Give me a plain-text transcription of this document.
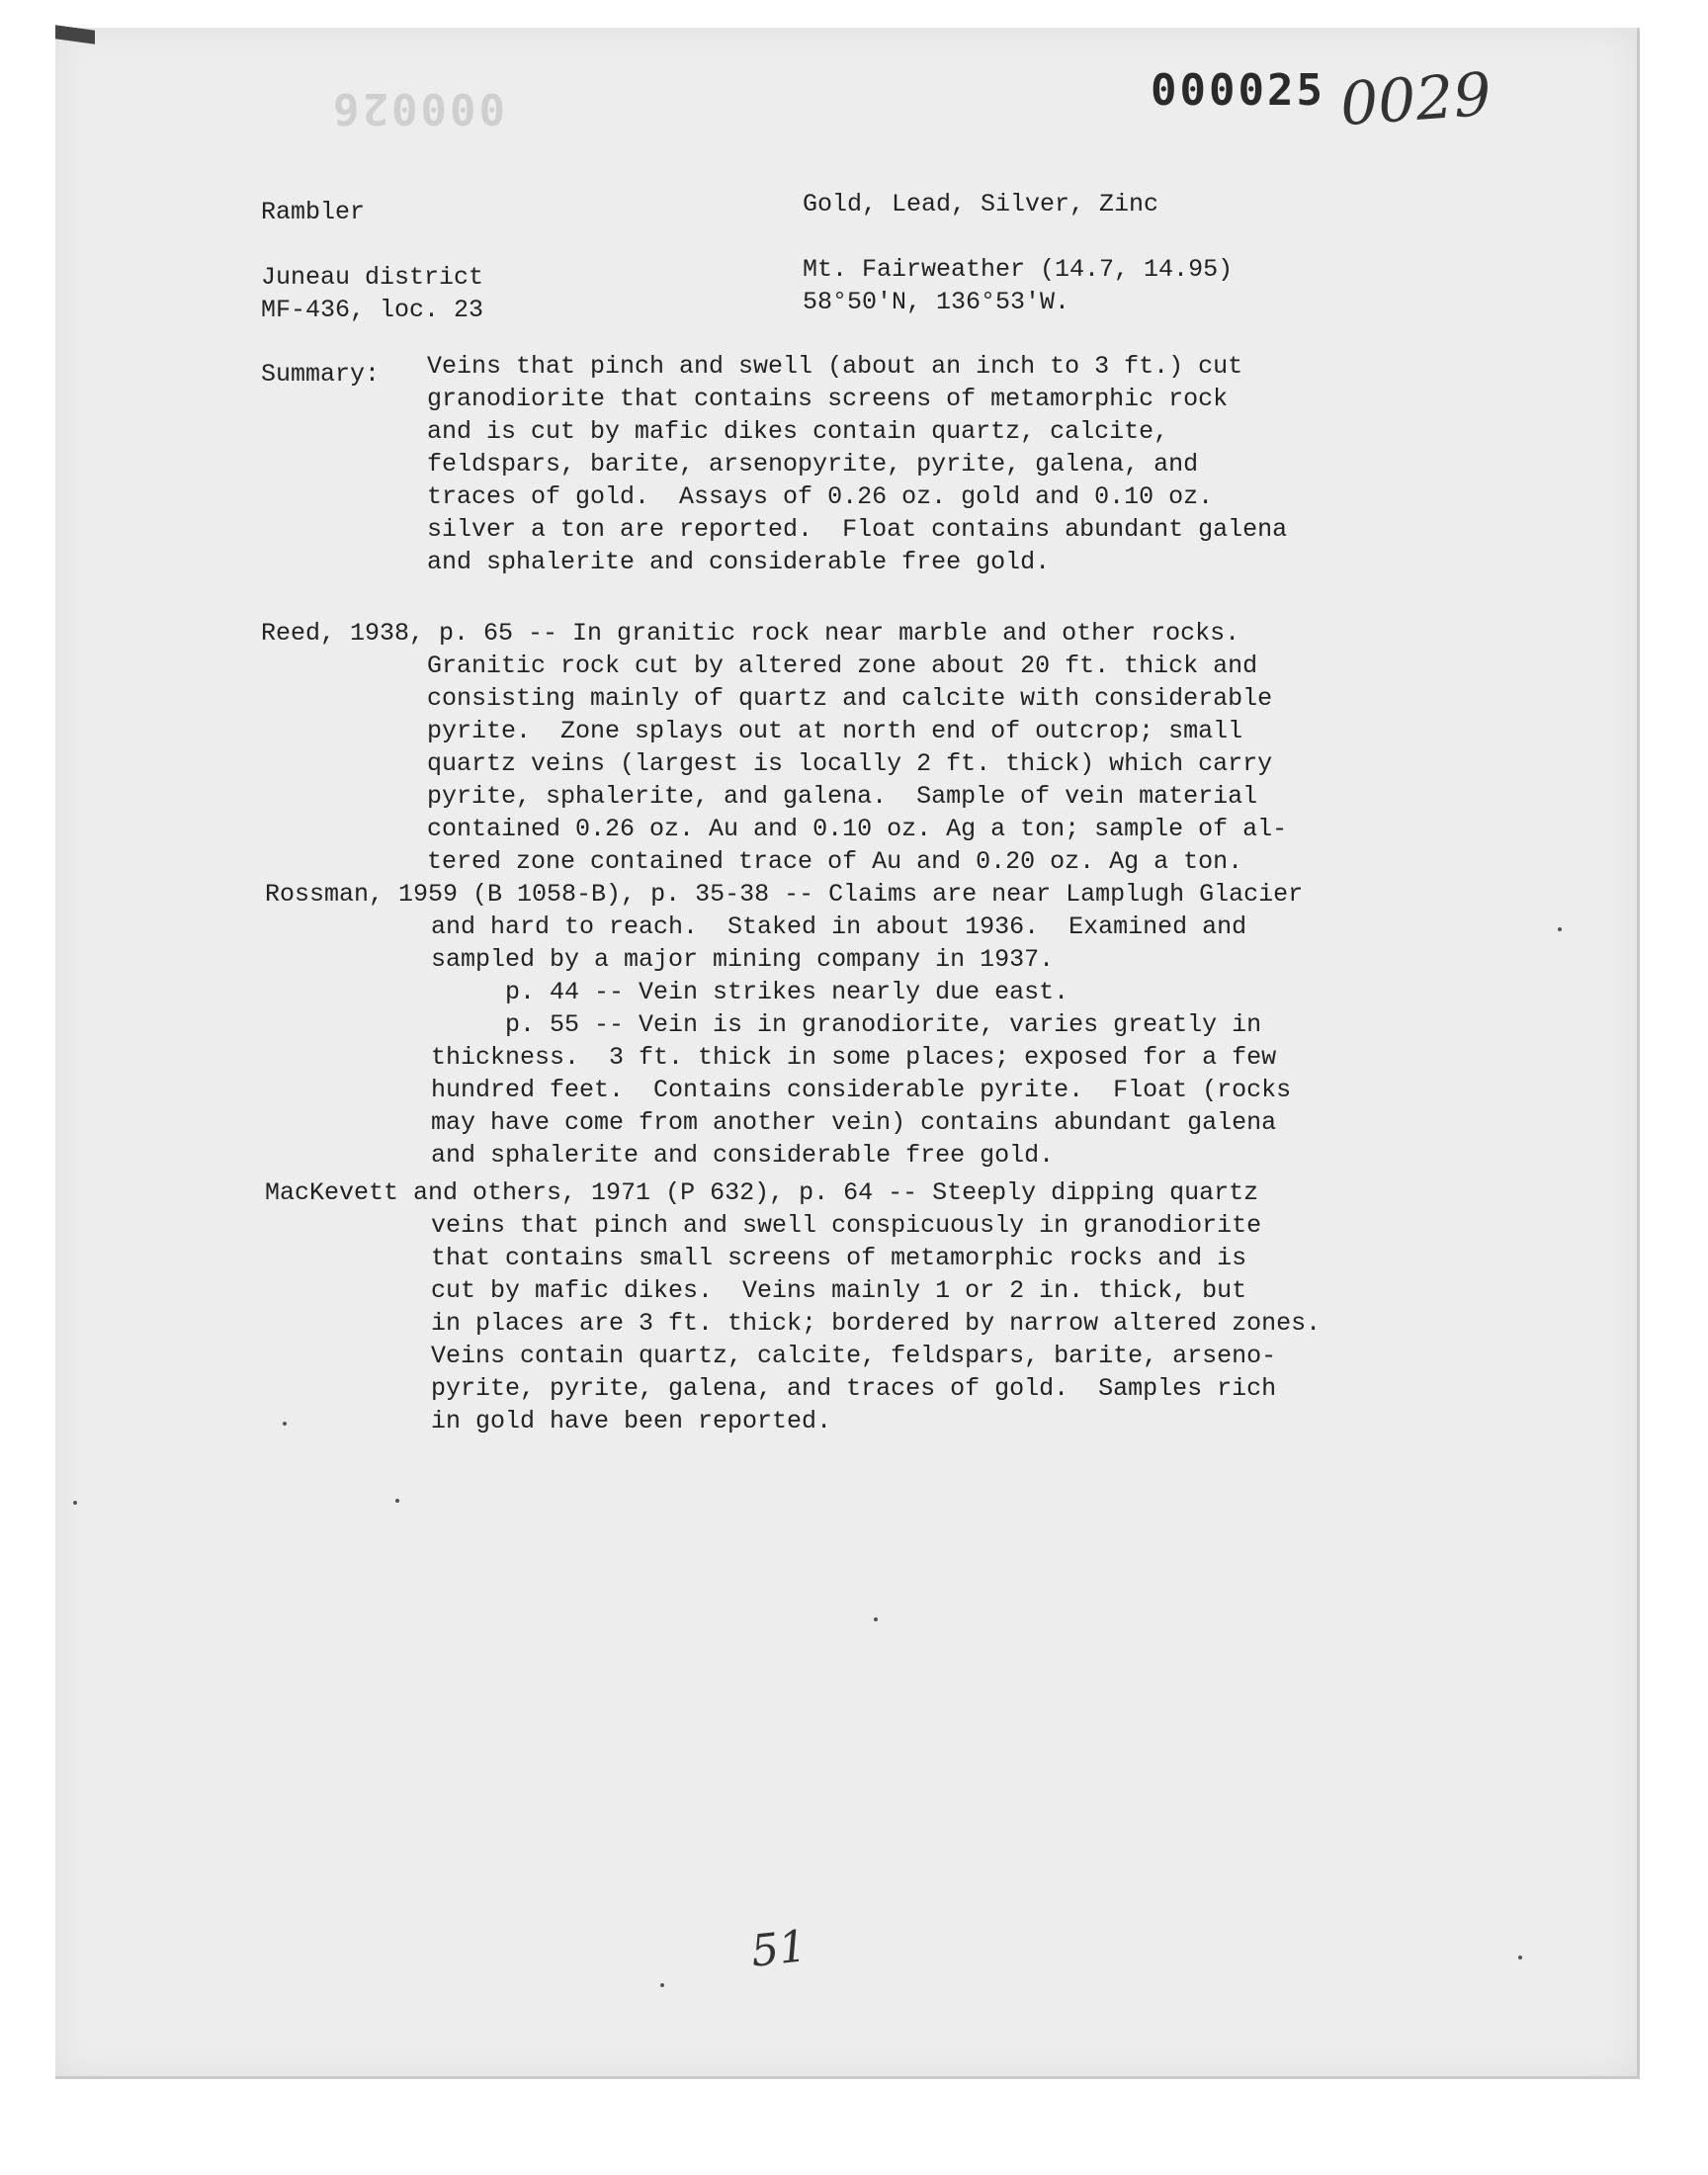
000026	000025 0029
Rambler	Gold, Lead, Silver, Zinc
Juneau district
MF-436, loc. 23
Mt. Fairweather (14.7, 14.95)
58°50'N, 136°53'W.
Summary: Veins that pinch and swell (about an inch to 3 ft.) cut
granodiorite that contains screens of metamorphic rock
and is cut by mafic dikes contain quartz, calcite,
feldspars, barite, arsenopyrite, pyrite, galena, and
traces of gold.  Assays of 0.26 oz. gold and 0.10 oz.
silver a ton are reported.  Float contains abundant galena
and sphalerite and considerable free gold.
Reed, 1938, p. 65 -- In granitic rock near marble and other rocks.
Granitic rock cut by altered zone about 20 ft. thick and
consisting mainly of quartz and calcite with considerable
pyrite.  Zone splays out at north end of outcrop; small
quartz veins (largest is locally 2 ft. thick) which carry
pyrite, sphalerite, and galena.  Sample of vein material
contained 0.26 oz. Au and 0.10 oz. Ag a ton; sample of al-
tered zone contained trace of Au and 0.20 oz. Ag a ton.
Rossman, 1959 (B 1058-B), p. 35-38 -- Claims are near Lamplugh Glacier
and hard to reach.  Staked in about 1936.  Examined and
sampled by a major mining company in 1937.
p. 44 -- Vein strikes nearly due east.
p. 55 -- Vein is in granodiorite, varies greatly in
thickness.  3 ft. thick in some places; exposed for a few
hundred feet.  Contains considerable pyrite.  Float (rocks
may have come from another vein) contains abundant galena
and sphalerite and considerable free gold.
MacKevett and others, 1971 (P 632), p. 64 -- Steeply dipping quartz
veins that pinch and swell conspicuously in granodiorite
that contains small screens of metamorphic rocks and is
cut by mafic dikes.  Veins mainly 1 or 2 in. thick, but
in places are 3 ft. thick; bordered by narrow altered zones.
Veins contain quartz, calcite, feldspars, barite, arseno-
pyrite, pyrite, galena, and traces of gold.  Samples rich
in gold have been reported.
51
